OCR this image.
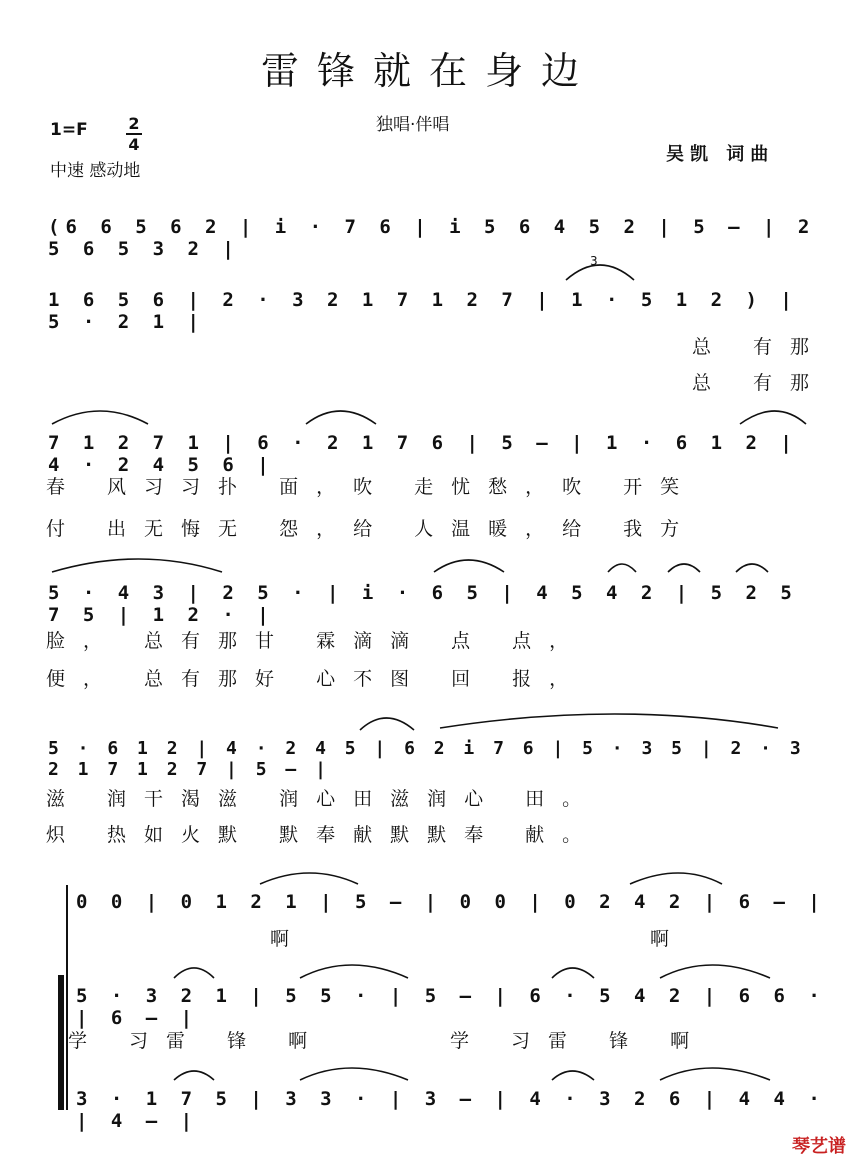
雷锋就在身边
独唱·伴唱
$1=F \frac{2}{4}$
中速 感动地
吴凯 词曲
(6 6 5 6 2 | i · 7 6 | i 5 6 4 5 2 | 5 – | 2 5 6 5 3 2 |
1 6 5 6 | 2 · 3 2 1 7 1 2 7 | 1 · 5 1 2 ) | 5 · 2 1 |
3
总 有那
总 有那
7 1 2 7 1 | 6 · 2 1 7 6 | 5 – | 1 · 6 1 2 | 4 · 2 4 5 6 |
春 风习习扑 面，吹 走忧愁，吹 开笑
付 出无悔无 怨，给 人温暖，给 我方
5 · 4 3 | 2 5 · | i · 6 5 | 4 5 4 2 | 5 2 5 7 5 | 1 2 · |
脸， 总有那甘 霖滴滴 点 点，
便， 总有那好 心不图 回 报，
5 · 6 1 2 | 4 · 2 4 5 | 6 2 i 7 6 | 5 · 3 5 | 2 · 3 2 1 7 1 2 7 | 5 – |
滋 润干渴滋 润心田滋润心 田。
炽 热如火默 默奉献默默奉 献。
0 0 | 0 1 2 1 | 5 – | 0 0 | 0 2 4 2 | 6 – |
啊	啊
5 · 3 2 1 | 5 5 · | 5 – | 6 · 5 4 2 | 6 6 · | 6 – |
学 习雷 锋 啊	学 习雷 锋 啊
3 · 1 7 5 | 3 3 · | 3 – | 4 · 3 2 6 | 4 4 · | 4 – |
琴艺谱
